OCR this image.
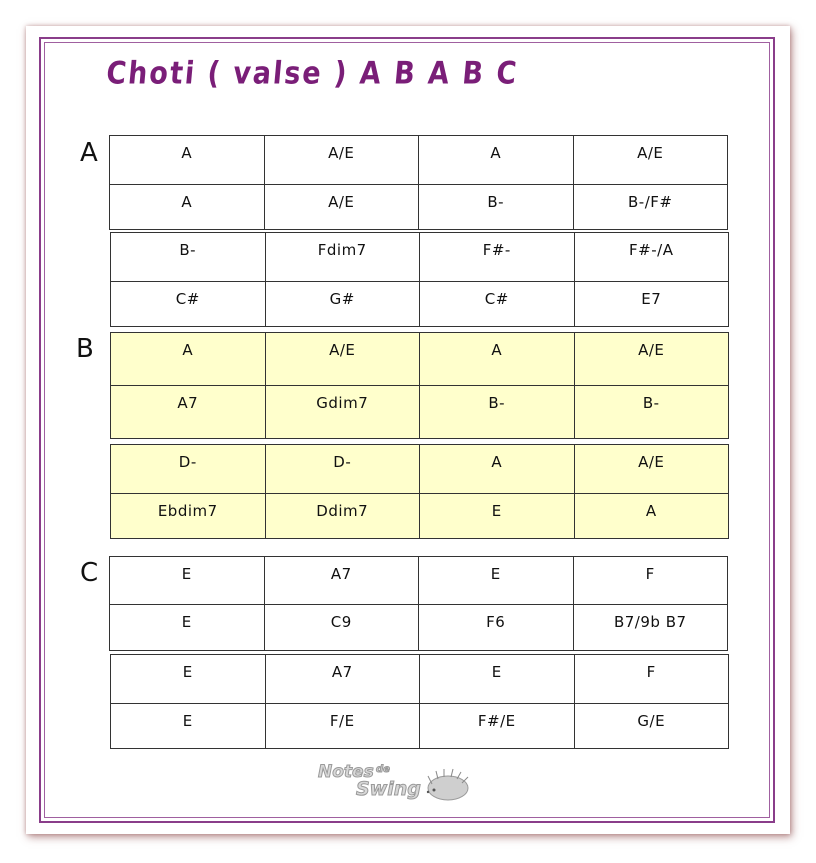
Choti ( valse ) A B A B C
A
B
C
A	A/E	A	A/E
A	A/E	B-	B-/F#
B-	Fdim7	F#-	F#-/A
C#	G#	C#	E7
A	A/E	A	A/E
A7	Gdim7	B-	B-
D-	D-	A	A/E
Ebdim7	Ddim7	E	A
E	A7	E	F
E	C9	F6	B7/9b B7
E	A7	E	F
E	F/E	F#/E	G/E
Notes de
Swing
